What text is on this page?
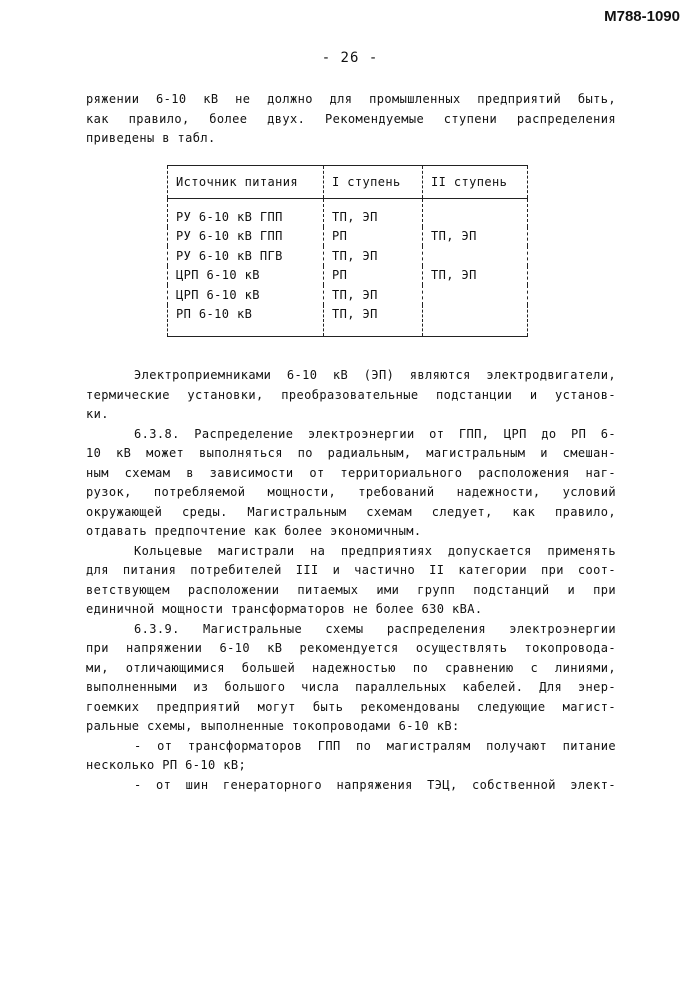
М788-1090
- 26 -
ряжении 6-10 кВ не должно для промышленных предприятий быть,
как правило, более двух. Рекомендуемые ступени распределения
приведены в табл.
Источник питания	I ступень	II ступень
РУ 6-10 кВ ГПП	ТП, ЭП	
РУ 6-10 кВ ГПП	РП	ТП, ЭП
РУ 6-10 кВ ПГВ	ТП, ЭП	
ЦРП 6-10 кВ	РП	ТП, ЭП
ЦРП 6-10 кВ	ТП, ЭП	
РП 6-10 кВ	ТП, ЭП	
Электроприемниками 6-10 кВ (ЭП) являются электродвигатели,
термические установки, преобразовательные подстанции и установ-
ки.
6.3.8. Распределение электроэнергии от ГПП, ЦРП до РП 6-
10 кВ может выполняться по радиальным, магистральным и смешан-
ным схемам в зависимости от территориального расположения наг-
рузок, потребляемой мощности, требований надежности, условий
окружающей среды. Магистральным схемам следует, как правило,
отдавать предпочтение как более экономичным.
Кольцевые магистрали на предприятиях допускается применять
для питания потребителей III и частично II категории при соот-
ветствующем расположении питаемых ими групп подстанций и при
единичной мощности трансформаторов не более 630 кВА.
6.3.9. Магистральные схемы распределения электроэнергии
при напряжении 6-10 кВ рекомендуется осуществлять токопровода-
ми, отличающимися большей надежностью по сравнению с линиями,
выполненными из большого числа параллельных кабелей. Для энер-
гоемких предприятий могут быть рекомендованы следующие магист-
ральные схемы, выполненные токопроводами 6-10 кВ:
- от трансформаторов ГПП по магистралям получают питание
несколько РП 6-10 кВ;
- от шин генераторного напряжения ТЭЦ, собственной элект-
